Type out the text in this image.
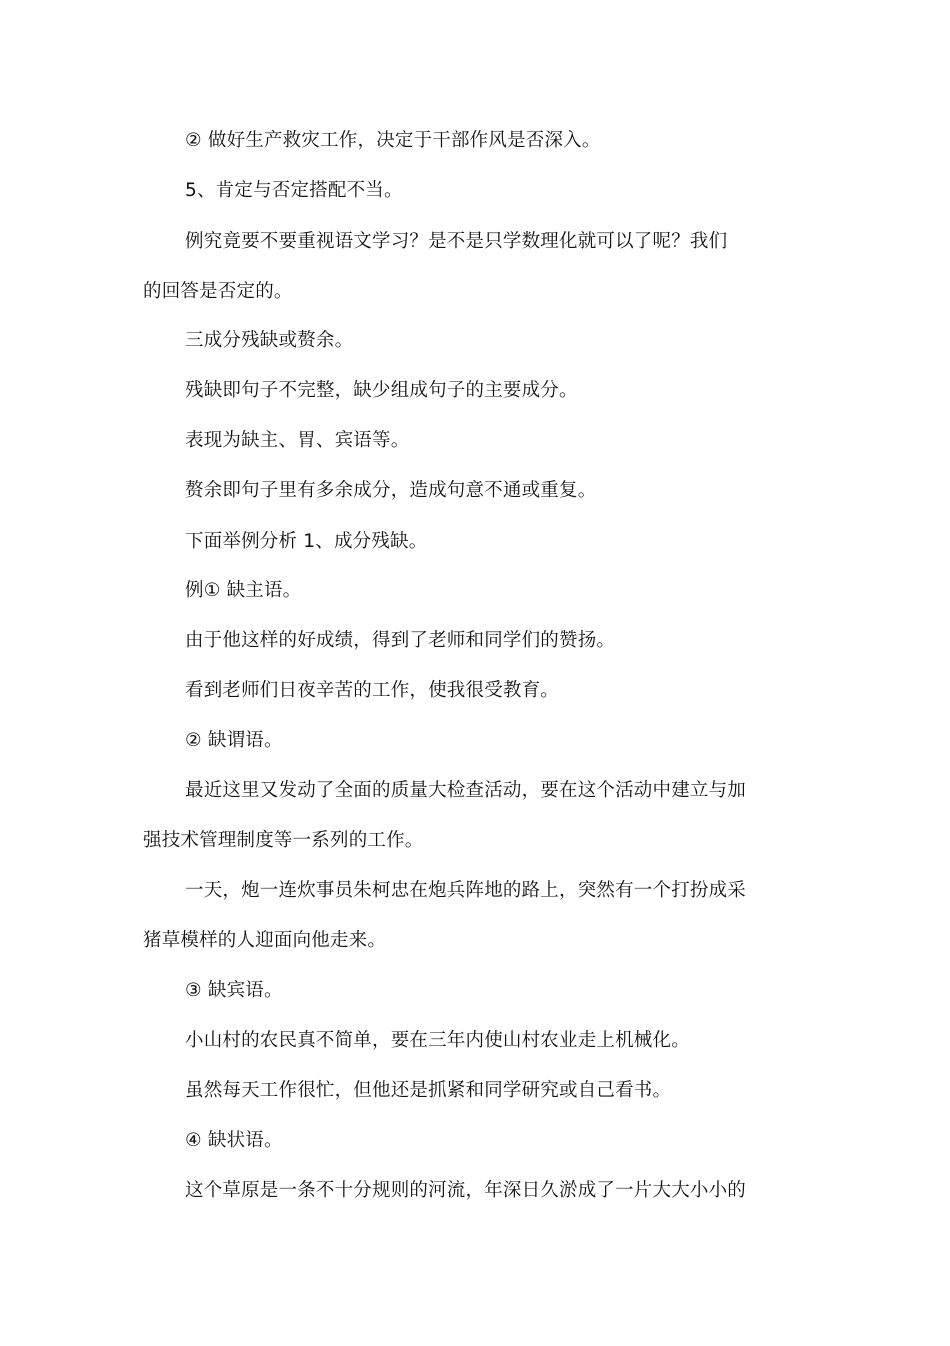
② 做好生产救灾工作，决定于干部作风是否深入。
5、肯定与否定搭配不当。
例究竟要不要重视语文学习？是不是只学数理化就可以了呢？我们
的回答是否定的。
三成分残缺或赘余。
残缺即句子不完整，缺少组成句子的主要成分。
表现为缺主、胃、宾语等。
赘余即句子里有多余成分，造成句意不通或重复。
下面举例分析 1、成分残缺。
例① 缺主语。
由于他这样的好成绩，得到了老师和同学们的赞扬。
看到老师们日夜辛苦的工作，使我很受教育。
② 缺谓语。
最近这里又发动了全面的质量大检查活动，要在这个活动中建立与加
强技术管理制度等一系列的工作。
一天，炮一连炊事员朱柯忠在炮兵阵地的路上，突然有一个打扮成采
猪草模样的人迎面向他走来。
③ 缺宾语。
小山村的农民真不简单，要在三年内使山村农业走上机械化。
虽然每天工作很忙，但他还是抓紧和同学研究或自己看书。
④ 缺状语。
这个草原是一条不十分规则的河流，年深日久淤成了一片大大小小的
